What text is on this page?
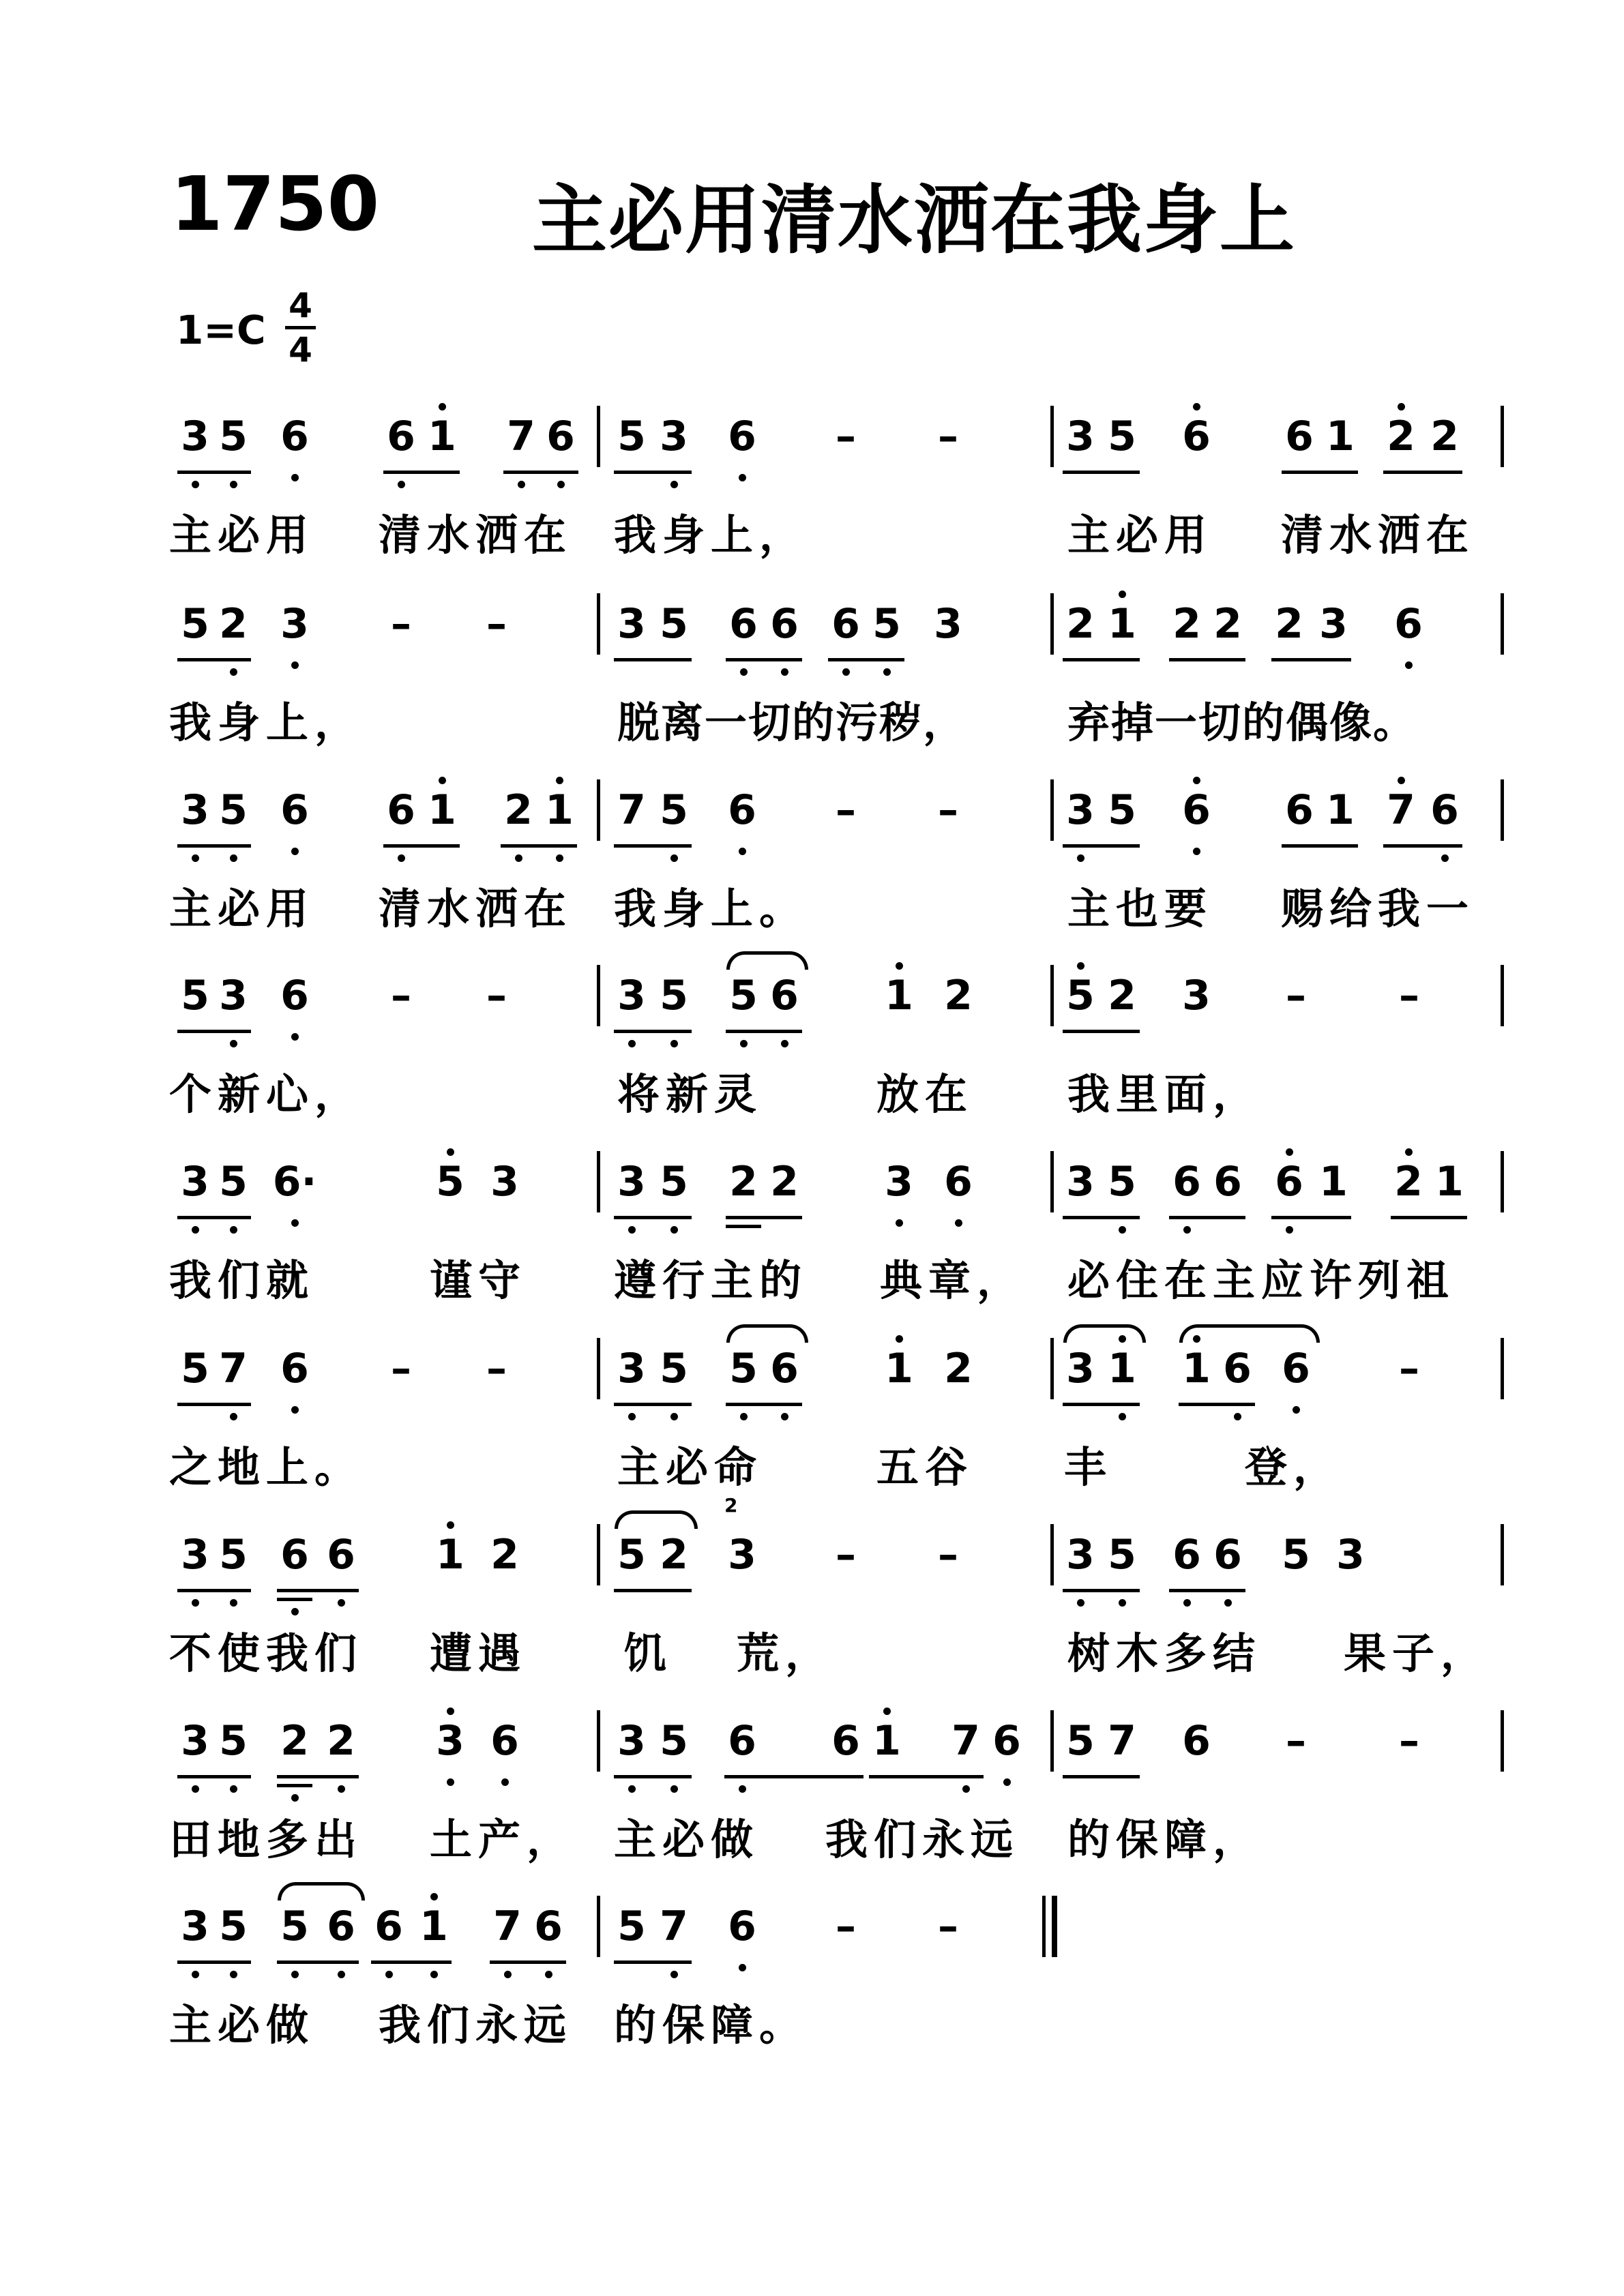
1750 主必用清水洒在我身上
1=C
4
4
3 5 6 6 1 7 6 5 3 6	–	–	3 5 6 6 1 2 2
主必用 清水洒在 我身上，	主必用 清水洒在
5 2 3	–	–	3 5 6 6 6 5 3	2 1 2 2 2 3 6
我身上，	脱离一切的污秽， 弃掉一切的偶像。
3 5 6 6 1 2 1 7 5 6	–	–	3 5 6 6 1 7 6
主必用 清水洒在 我身上。	主也要 赐给我一
5 3 6	–	–	3 5 5 6 1 2 5 2 3	–	–
个新心，	将新灵	放在 我里面，
3 5 6·	5 3 3 5 2 2 3 6 3 5 6 6 6 1 2 1
我们就	谨守 遵行主的 典章， 必住在主应许列祖
5 7 6	–	–	3 5 5 6 1 2 3 1 1 6 6	–
之地上。	主必命	五谷 丰	登，
3 5 6 6 1 2 5 2 3	–	–	3 5 6 6 5 3
2
不使我们 遭遇 饥 荒，	树木多结 果子，
3 5 2 2 3 6 3 5 6 6 1 7 6 5 7 6	–	–
田地多出 土产， 主必做 我们永远 的保障，
3 5 5 6 6 1 7 6 5 7 6	–	–
主必做 我们永远 的保障。
